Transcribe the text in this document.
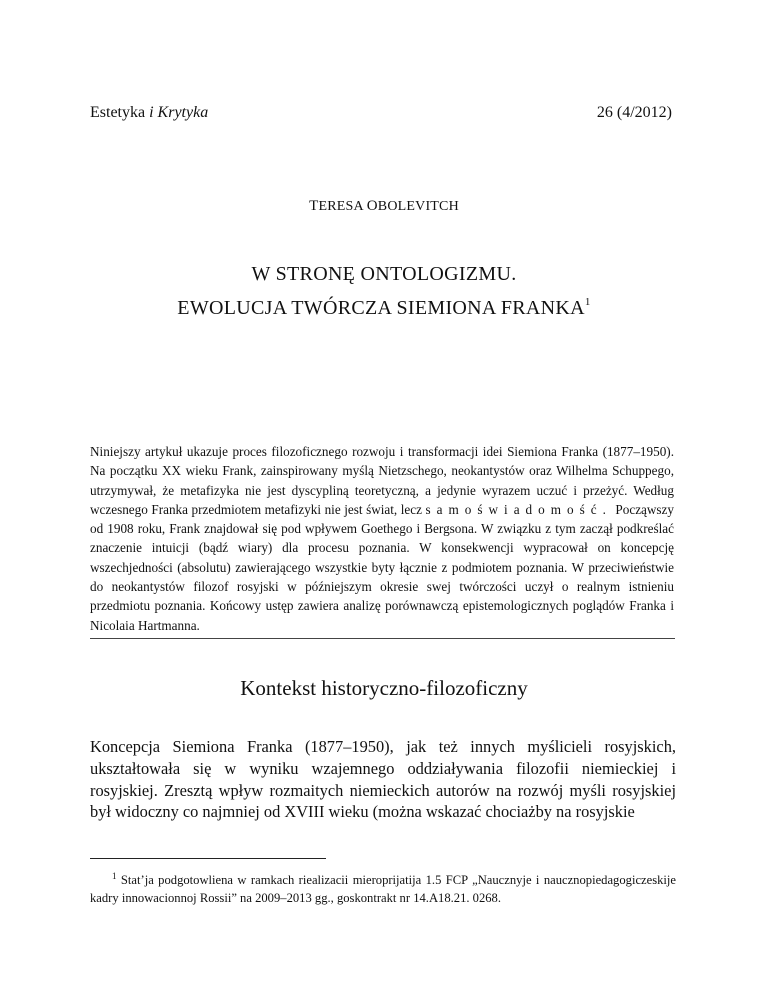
Estetyka i Krytyka	26 (4/2012)
TERESA OBOLEVITCH
W STRONĘ ONTOLOGIZMU.
EWOLUCJA TWÓRCZA SIEMIONA FRANKA$^1$
Niniejszy artykuł ukazuje proces filozoficznego rozwoju i transformacji idei Siemiona Franka (1877–1950). Na początku XX wieku Frank, zainspirowany myślą Nietzschego, neokantystów oraz Wilhelma Schuppego, utrzymywał, że metafizyka nie jest dyscypliną teoretyczną, a jedynie wyrazem uczuć i przeżyć. Według wczesnego Franka przedmiotem metafizyki nie jest świat, lecz samoświadomość. Począwszy od 1908 roku, Frank znajdował się pod wpływem Goethego i Bergsona. W związku z tym zaczął podkreślać znaczenie intuicji (bądź wiary) dla procesu poznania. W konsekwencji wypracował on koncepcję wszechjedności (absolutu) zawierającego wszystkie byty łącznie z podmiotem poznania. W przeciwieństwie do neokantystów filozof rosyjski w późniejszym okresie swej twórczości uczył o realnym istnieniu przedmiotu poznania. Końcowy ustęp zawiera analizę porównawczą epistemologicznych poglądów Franka i Nicolaia Hartmanna.
Kontekst historyczno-filozoficzny
Koncepcja Siemiona Franka (1877–1950), jak też innych myślicieli rosyjskich, ukształtowała się w wyniku wzajemnego oddziaływania filozofii niemieckiej i rosyjskiej. Zresztą wpływ rozmaitych niemieckich autorów na rozwój myśli rosyjskiej był widoczny co najmniej od XVIII wieku (można wskazać chociażby na rosyjskie
$^1$ Stat’ja podgotowliena w ramkach riealizacii mieroprijatija 1.5 FCP „Naucznyje i naucznopiedagogiczeskije kadry innowacionnoj Rossii” na 2009–2013 gg., goskontrakt nr 14.A18.21. 0268.
